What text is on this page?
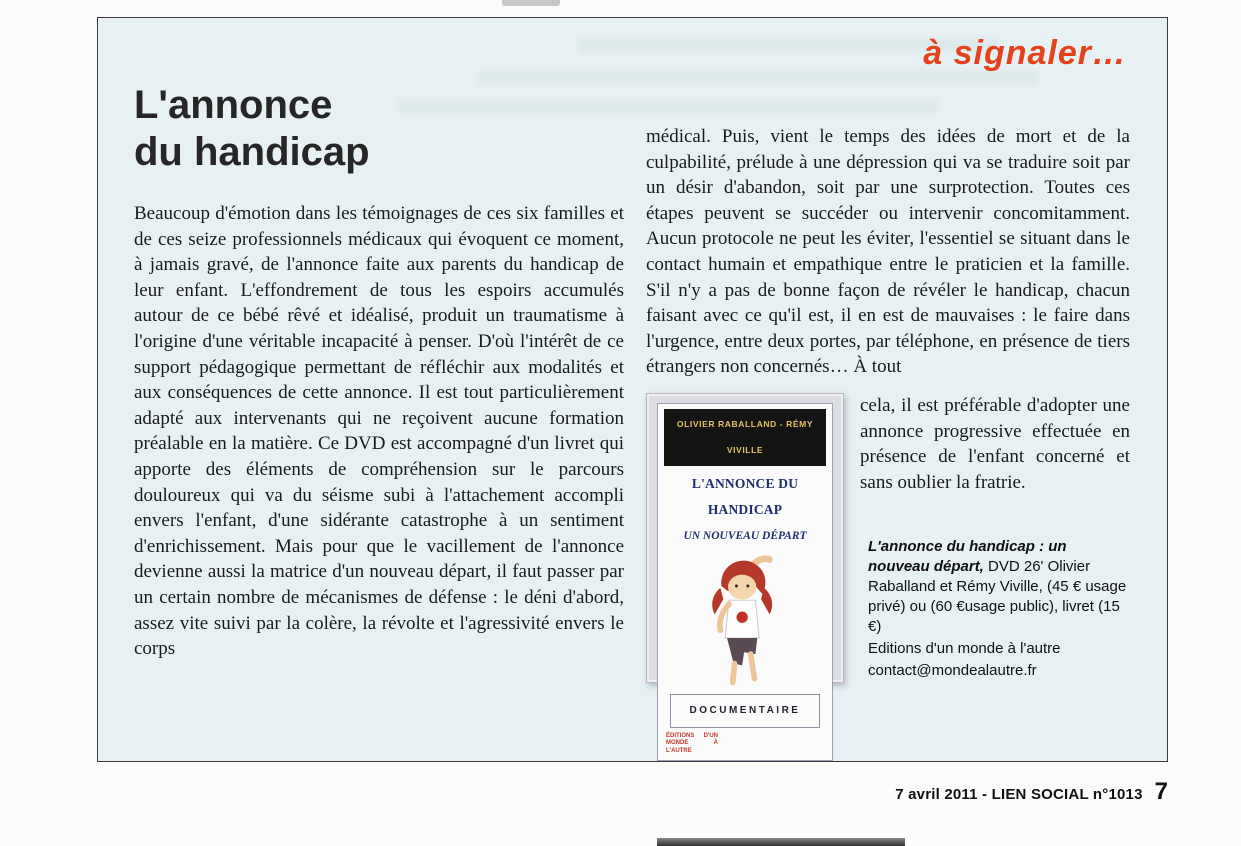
à signaler…
L'annonce
du handicap
Beaucoup d'émotion dans les témoignages de ces six familles et de ces seize professionnels médicaux qui évoquent ce moment, à jamais gravé, de l'annonce faite aux parents du handicap de leur enfant. L'effondrement de tous les espoirs accumulés autour de ce bébé rêvé et idéalisé, produit un traumatisme à l'origine d'une véritable incapacité à penser. D'où l'intérêt de ce support pédagogique permettant de réfléchir aux modalités et aux conséquences de cette annonce. Il est tout particulièrement adapté aux intervenants qui ne reçoivent aucune formation préalable en la matière. Ce DVD est accompagné d'un livret qui apporte des éléments de compréhension sur le parcours douloureux qui va du séisme subi à l'attachement accompli envers l'enfant, d'une sidérante catastrophe à un sentiment d'enrichissement. Mais pour que le vacillement de l'annonce devienne aussi la matrice d'un nouveau départ, il faut passer par un certain nombre de mécanismes de défense : le déni d'abord, assez vite suivi par la colère, la révolte et l'agressivité envers le corps
médical. Puis, vient le temps des idées de mort et de la culpabilité, prélude à une dépression qui va se traduire soit par un désir d'abandon, soit par une surprotection. Toutes ces étapes peuvent se succéder ou intervenir concomitamment. Aucun protocole ne peut les éviter, l'essentiel se situant dans le contact humain et empathique entre le praticien et la famille. S'il n'y a pas de bonne façon de révéler le handicap, chacun faisant avec ce qu'il est, il en est de mauvaises : le faire dans l'urgence, entre deux portes, par téléphone, en présence de tiers étrangers non concernés… À tout
OLIVIER RABALLAND - RÉMY VIVILLE
L'ANNONCE DU HANDICAP
UN NOUVEAU DÉPART
DOCUMENTAIRE
ÉDITIONS D'UN MONDE À L'AUTRE
cela, il est préférable d'adopter une annonce progressive effectuée en présence de l'enfant concerné et sans oublier la fratrie.
L'annonce du handicap : un nouveau départ, DVD 26' Olivier Raballand et Rémy Viville, (45 € usage privé) ou (60 €usage public), livret (15 €)
Editions d'un monde à l'autre
contact@mondealautre.fr
7 avril 2011 - LIEN SOCIAL n°1013 7
